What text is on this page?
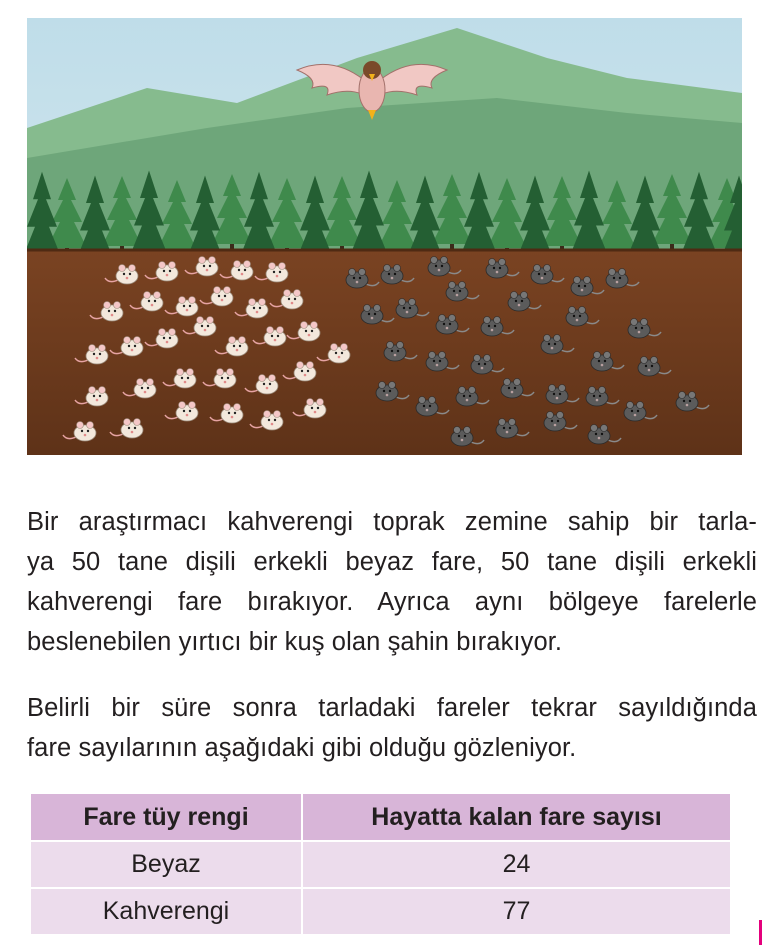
Bir araştırmacı kahverengi toprak zemine sahip bir tarla-
ya 50 tane dişili erkekli beyaz fare, 50 tane dişili erkekli
kahverengi fare bırakıyor. Ayrıca aynı bölgeye farelerle
beslenebilen yırtıcı bir kuş olan şahin bırakıyor.

Belirli bir süre sonra tarladaki fareler tekrar sayıldığında
fare sayılarının aşağıdaki gibi olduğu gözleniyor.

Fare tüy rengi	Hayatta kalan fare sayısı
Beyaz	24
Kahverengi	77
